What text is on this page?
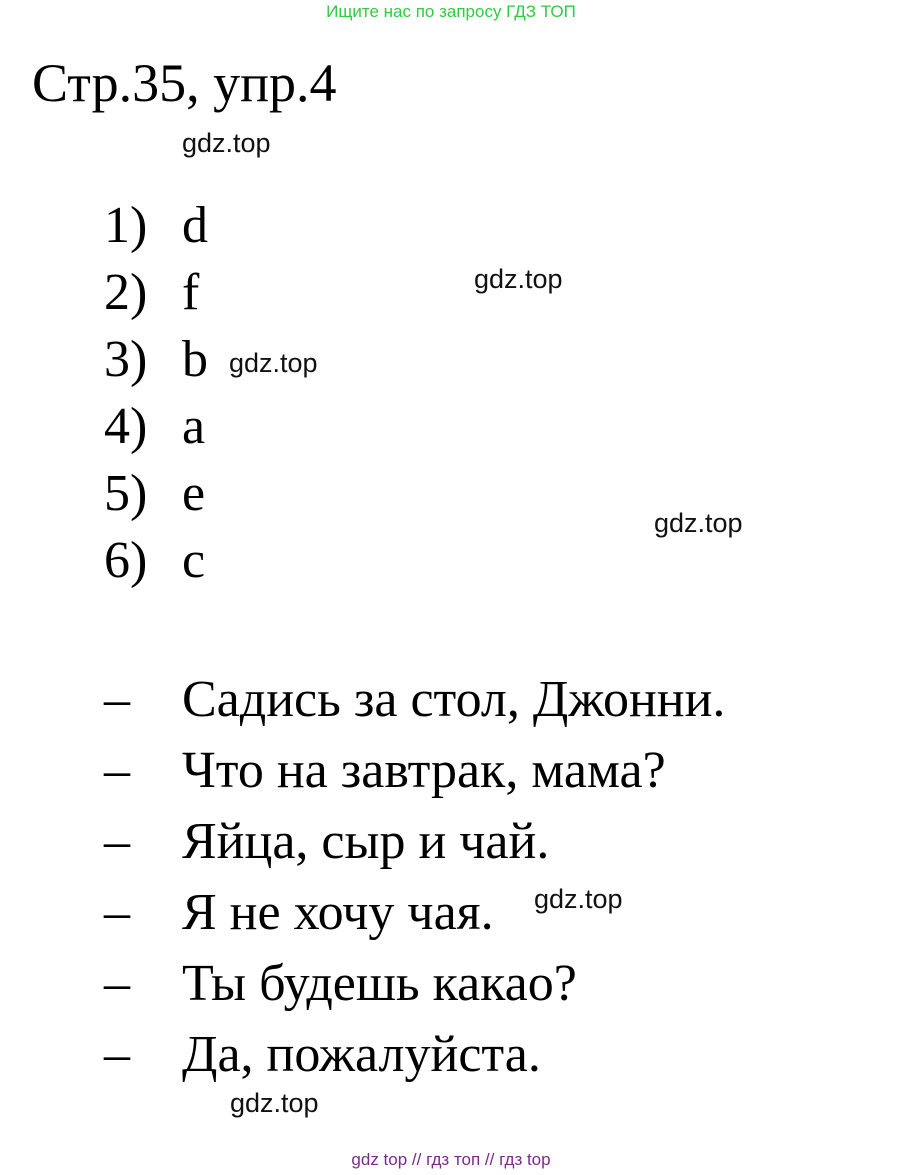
Ищите нас по запросу ГДЗ ТОП
Стр.35, упр.4
1) d
2) f
3) b
4) a
5) e
6) c
–	Садись за стол, Джонни.
–	Что на завтрак, мама?
–	Яйца, сыр и чай.
–	Я не хочу чая.
–	Ты будешь какао?
–	Да, пожалуйста.
gdz.top
gdz.top
gdz.top
gdz.top
gdz.top
gdz.top
gdz top // гдз топ // гдз top
